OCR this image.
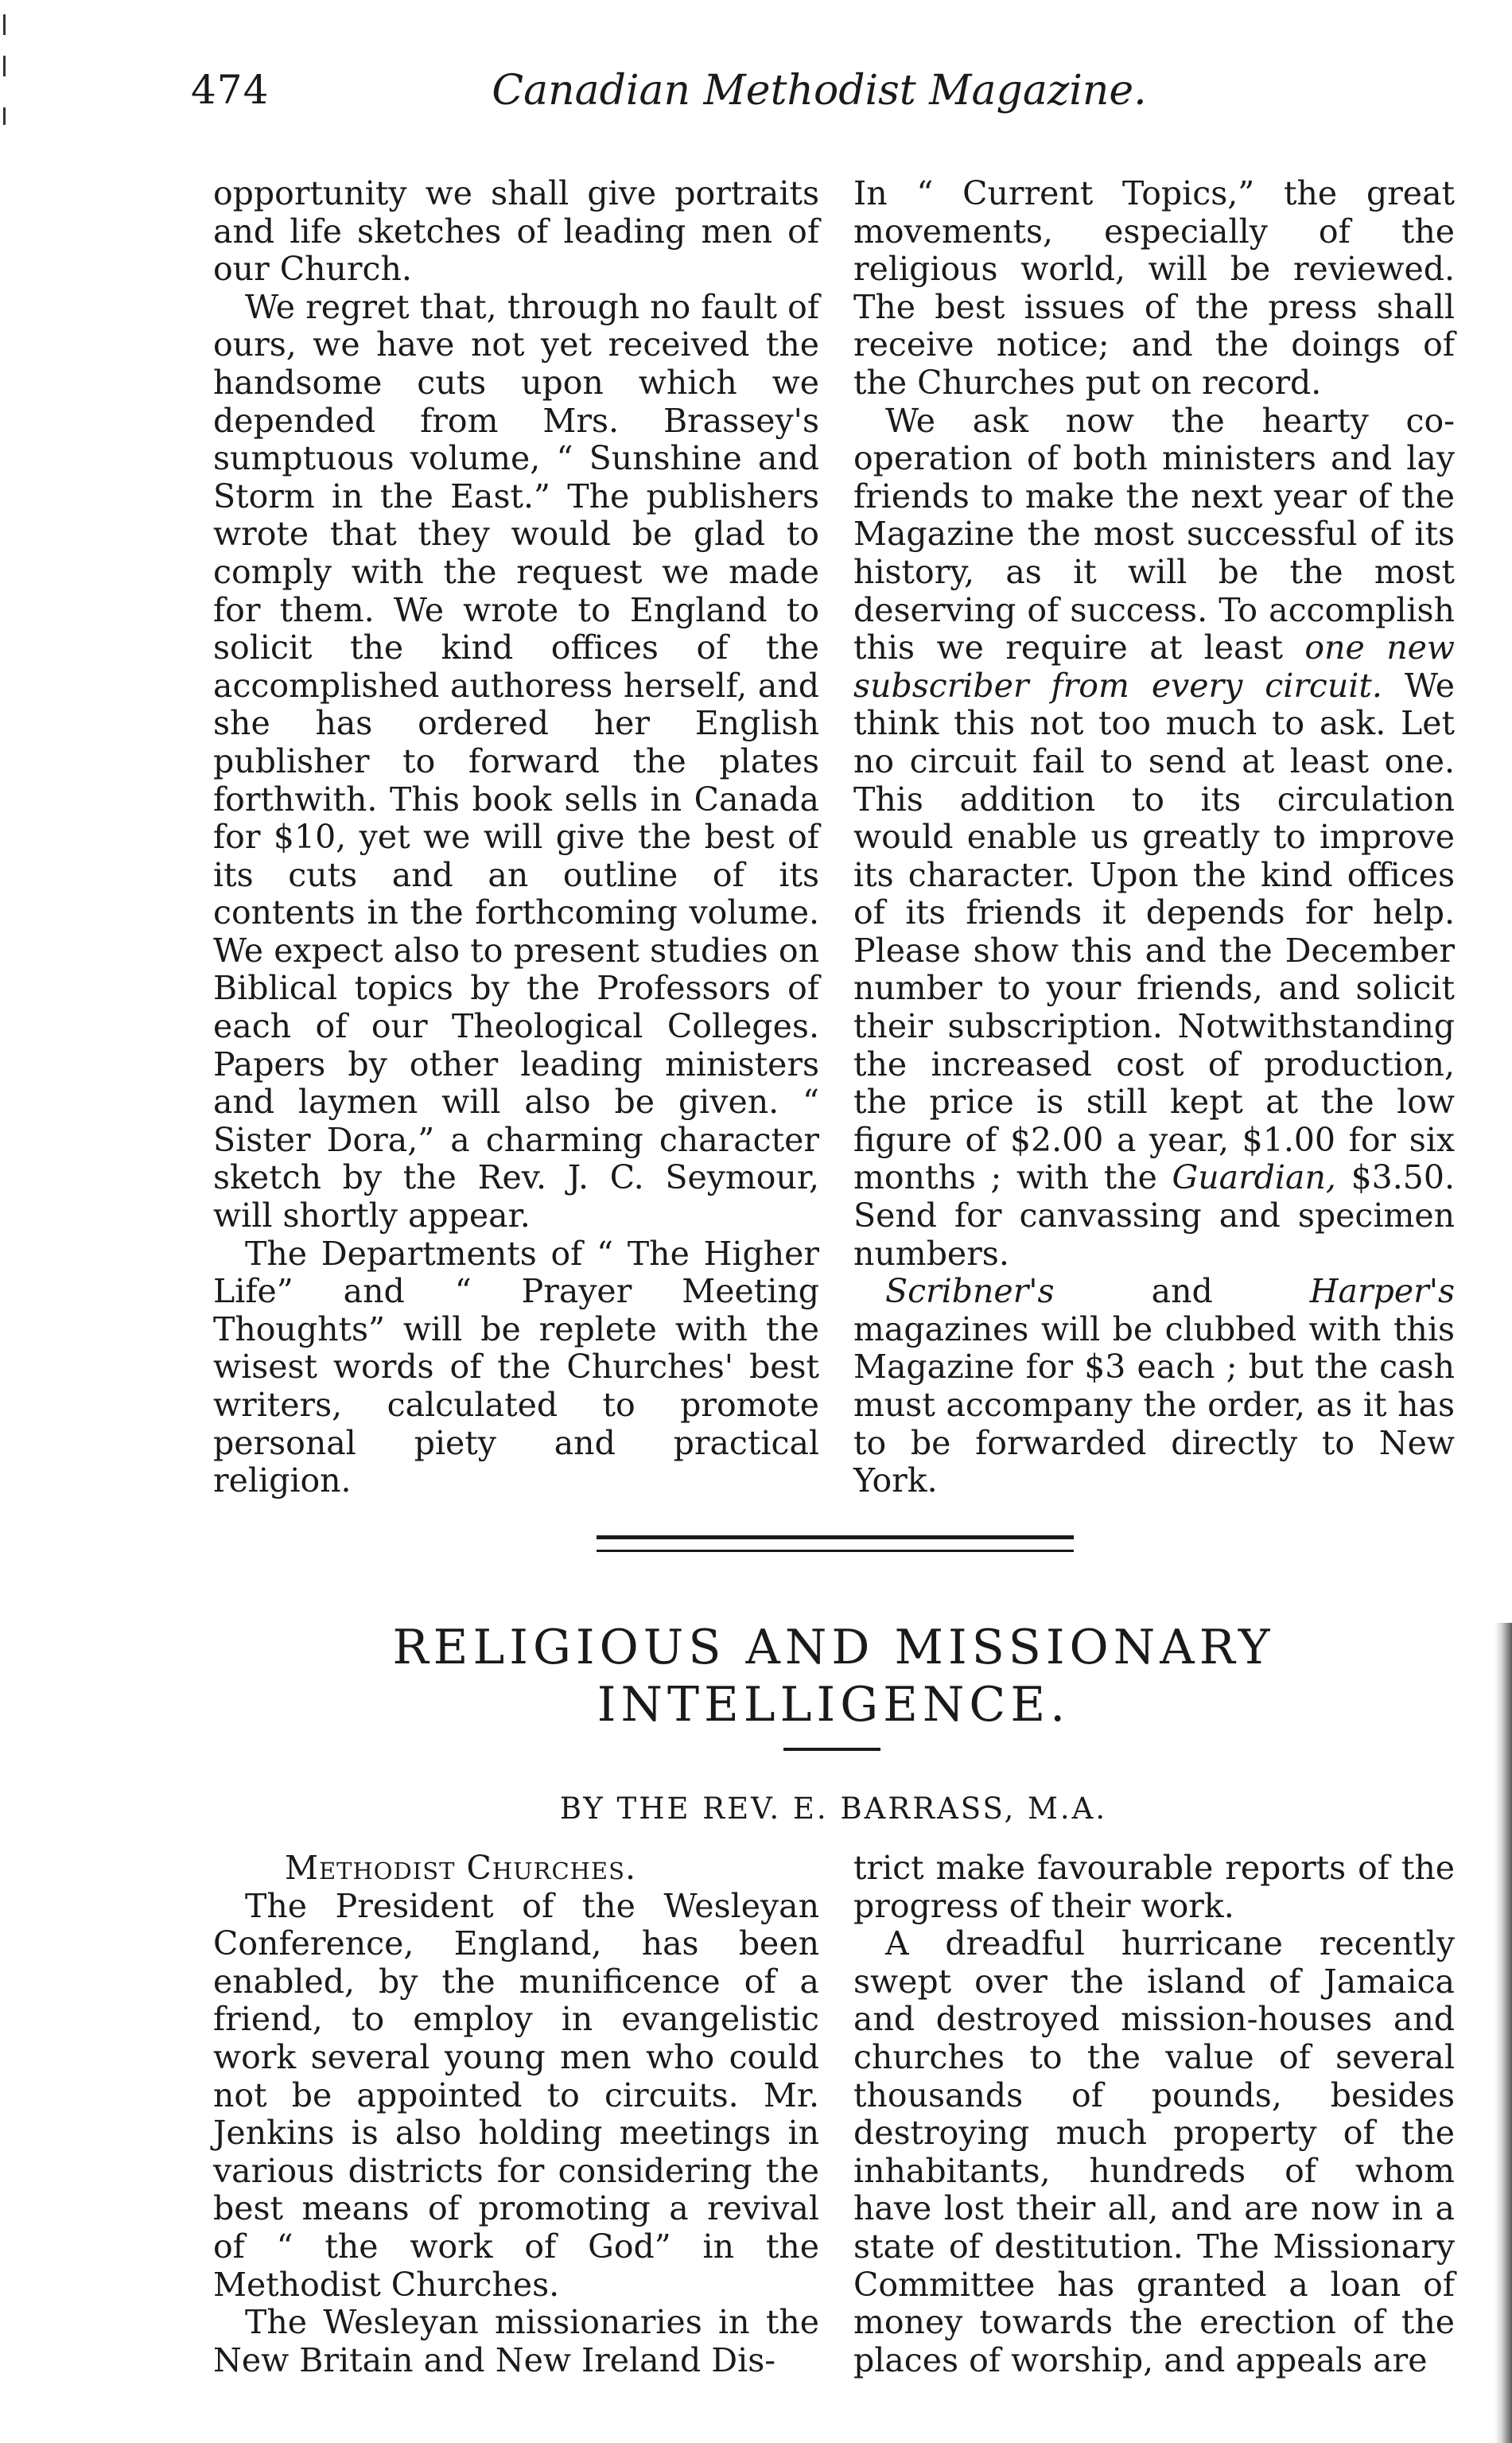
474	Canadian Methodist Magazine.

opportunity we shall give portraits and life sketches of leading men of our Church.

We regret that, through no fault of ours, we have not yet received the handsome cuts upon which we depended from Mrs. Brassey's sumptuous volume, “ Sunshine and Storm in the East.” The publishers wrote that they would be glad to comply with the request we made for them. We wrote to England to solicit the kind offices of the accomplished authoress herself, and she has ordered her English publisher to forward the plates forthwith. This book sells in Canada for $10, yet we will give the best of its cuts and an outline of its contents in the forthcoming volume. We expect also to present studies on Biblical topics by the Professors of each of our Theological Colleges. Papers by other leading ministers and laymen will also be given. “ Sister Dora,” a charming character sketch by the Rev. J. C. Seymour, will shortly appear.

The Departments of “ The Higher Life” and “ Prayer Meeting Thoughts” will be replete with the wisest words of the Churches' best writers, calculated to promote personal piety and practical religion.

In “ Current Topics,” the great movements, especially of the religious world, will be reviewed. The best issues of the press shall receive notice; and the doings of the Churches put on record.

We ask now the hearty co-operation of both ministers and lay friends to make the next year of the Magazine the most successful of its history, as it will be the most deserving of success. To accomplish this we require at least one new subscriber from every circuit. We think this not too much to ask. Let no circuit fail to send at least one. This addition to its circulation would enable us greatly to improve its character. Upon the kind offices of its friends it depends for help. Please show this and the December number to your friends, and solicit their subscription. Notwithstanding the increased cost of production, the price is still kept at the low figure of $2.00 a year, $1.00 for six months ; with the Guardian, $3.50. Send for canvassing and specimen numbers.

Scribner's and Harper's magazines will be clubbed with this Magazine for $3 each ; but the cash must accompany the order, as it has to be forwarded directly to New York.

RELIGIOUS AND MISSIONARY
INTELLIGENCE.
BY THE REV. E. BARRASS, M.A.

Methodist Churches.

The President of the Wesleyan Conference, England, has been enabled, by the munificence of a friend, to employ in evangelistic work several young men who could not be appointed to circuits. Mr. Jenkins is also holding meetings in various districts for considering the best means of promoting a revival of “ the work of God” in the Methodist Churches.

The Wesleyan missionaries in the New Britain and New Ireland Dis-

trict make favourable reports of the progress of their work.

A dreadful hurricane recently swept over the island of Jamaica and destroyed mission-houses and churches to the value of several thousands of pounds, besides destroying much property of the inhabitants, hundreds of whom have lost their all, and are now in a state of destitution. The Missionary Committee has granted a loan of money towards the erection of the places of worship, and appeals are
